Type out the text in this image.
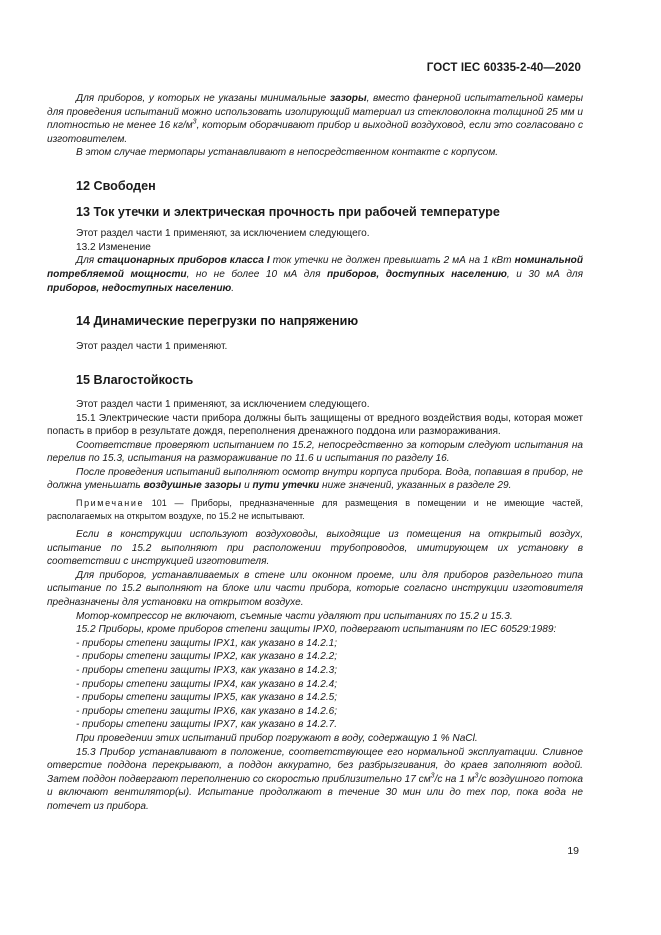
ГОСТ IEC 60335-2-40—2020

Для приборов, у которых не указаны минимальные зазоры, вместо фанерной испытательной камеры для проведения испытаний можно использовать изолирующий материал из стекловолокна толщиной 25 мм и плотностью не менее 16 $кг/м^3$, которым оборачивают прибор и выходной воздуховод, если это согласовано с изготовителем.

В этом случае термопары устанавливают в непосредственном контакте с корпусом.

12 Свободен
13 Ток утечки и электрическая прочность при рабочей температуре

Этот раздел части 1 применяют, за исключением следующего.

13.2 Изменение

Для стационарных приборов класса I ток утечки не должен превышать 2 мА на 1 кВт номинальной потребляемой мощности, но не более 10 мА для приборов, доступных населению, и 30 мА для приборов, недоступных населению.

14 Динамические перегрузки по напряжению

Этот раздел части 1 применяют.

15 Влагостойкость

Этот раздел части 1 применяют, за исключением следующего.

15.1 Электрические части прибора должны быть защищены от вредного воздействия воды, которая может попасть в прибор в результате дождя, переполнения дренажного поддона или размораживания.

Соответствие проверяют испытанием по 15.2, непосредственно за которым следуют испытания на перелив по 15.3, испытания на размораживание по 11.6 и испытания по разделу 16.

После проведения испытаний выполняют осмотр внутри корпуса прибора. Вода, попавшая в прибор, не должна уменьшать воздушные зазоры и пути утечки ниже значений, указанных в разделе 29.

Примечание 101 — Приборы, предназначенные для размещения в помещении и не имеющие частей, располагаемых на открытом воздухе, по 15.2 не испытывают.

Если в конструкции используют воздуховоды, выходящие из помещения на открытый воздух, испытание по 15.2 выполняют при расположении трубопроводов, имитирующем их установку в соответствии с инструкцией изготовителя.

Для приборов, устанавливаемых в стене или оконном проеме, или для приборов раздельного типа испытание по 15.2 выполняют на блоке или части прибора, которые согласно инструкции изготовителя предназначены для установки на открытом воздухе.

Мотор-компрессор не включают, съемные части удаляют при испытаниях по 15.2 и 15.3.

15.2 Приборы, кроме приборов степени защиты IPX0, подвергают испытаниям по IEC 60529:1989:

- приборы степени защиты IPX1, как указано в 14.2.1;

- приборы степени защиты IPX2, как указано в 14.2.2;

- приборы степени защиты IPX3, как указано в 14.2.3;

- приборы степени защиты IPX4, как указано в 14.2.4;

- приборы степени защиты IPX5, как указано в 14.2.5;

- приборы степени защиты IPX6, как указано в 14.2.6;

- приборы степени защиты IPX7, как указано в 14.2.7.

При проведении этих испытаний прибор погружают в воду, содержащую 1 % NaCl.

15.3 Прибор устанавливают в положение, соответствующее его нормальной эксплуатации. Сливное отверстие поддона перекрывают, а поддон аккуратно, без разбрызгивания, до краев заполняют водой. Затем поддон подвергают переполнению со скоростью приблизительно 17 $см^3/с$ на 1 $м^3/с$ воздушного потока и включают вентилятор(ы). Испытание продолжают в течение 30 мин или до тех пор, пока вода не потечет из прибора.

19
